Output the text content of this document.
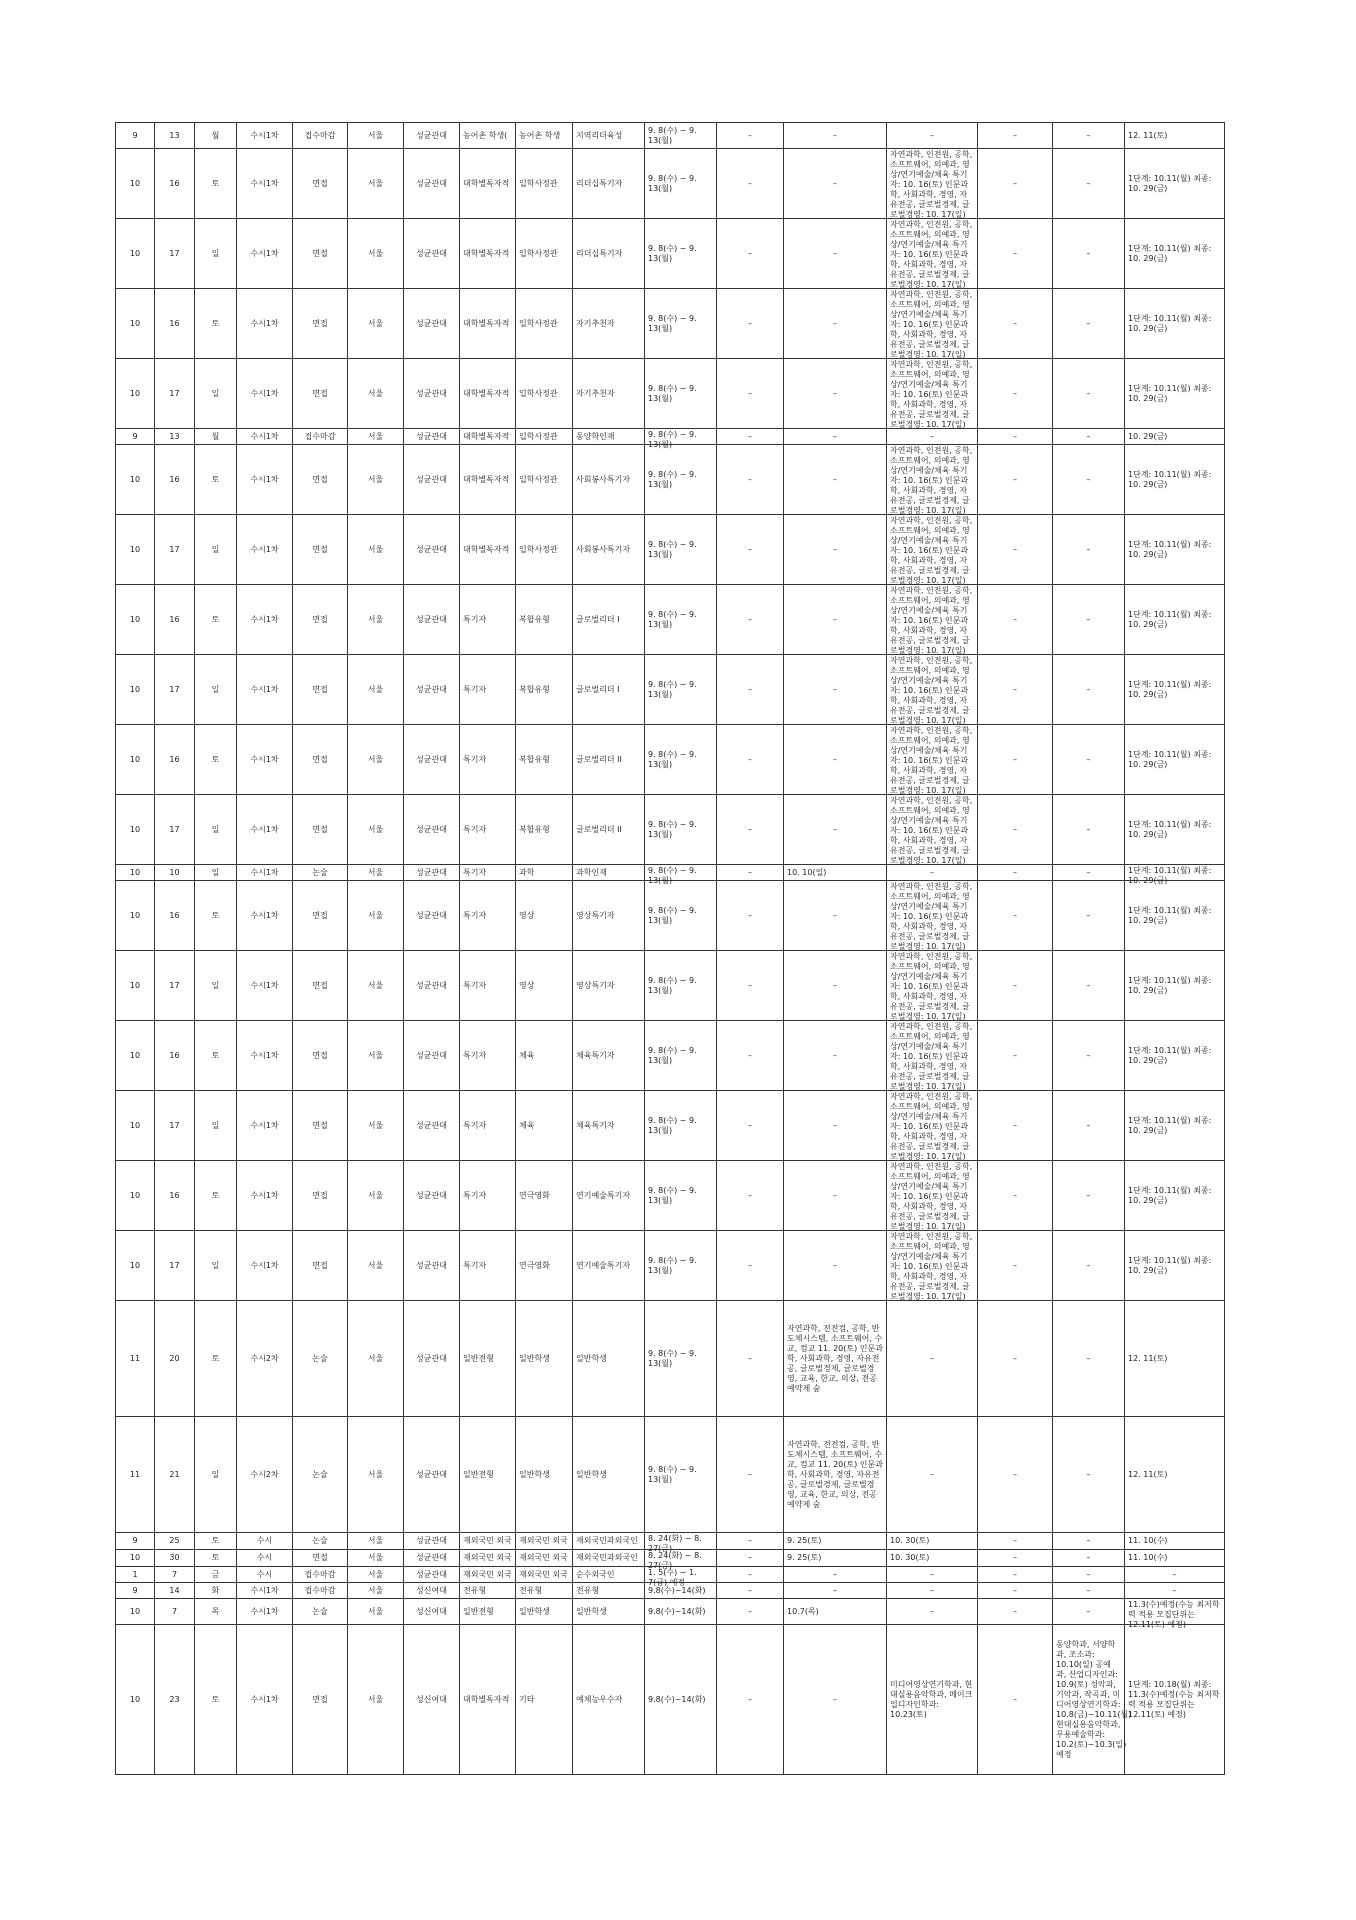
9	13	월	수시1차	접수마감	서울	성균관대	농어촌 학생(	농어촌 학생	지역리더육성	9. 8(수) ~ 9. 13(월)	–	–	–	–	–	12. 11(토)

10	16	토	수시1차	면접	서울	성균관대	대학별독자적	입학사정관	리더십특기자	9. 8(수) ~ 9. 13(월)	–	–	자연과학, 인전원, 공학, 소프트웨어, 의예과, 영상/연기예술/체육 특기자: 10. 16(토) 인문과학, 사회과학, 경영, 자유전공, 글로벌경제, 글로벌경영: 10. 17(일)	–	–	1단계: 10.11(월) 최종: 10. 29(금)

10	17	일	수시1차	면접	서울	성균관대	대학별독자적	입학사정관	리더십특기자	9. 8(수) ~ 9. 13(월)	–	–	자연과학, 인전원, 공학, 소프트웨어, 의예과, 영상/연기예술/체육 특기자: 10. 16(토) 인문과학, 사회과학, 경영, 자유전공, 글로벌경제, 글로벌경영: 10. 17(일)	–	–	1단계: 10.11(월) 최종: 10. 29(금)

10	16	토	수시1차	면접	서울	성균관대	대학별독자적	입학사정관	자기추천자	9. 8(수) ~ 9. 13(월)	–	–	자연과학, 인전원, 공학, 소프트웨어, 의예과, 영상/연기예술/체육 특기자: 10. 16(토) 인문과학, 사회과학, 경영, 자유전공, 글로벌경제, 글로벌경영: 10. 17(일)	–	–	1단계: 10.11(월) 최종: 10. 29(금)

10	17	일	수시1차	면접	서울	성균관대	대학별독자적	입학사정관	자기추천자	9. 8(수) ~ 9. 13(월)	–	–	자연과학, 인전원, 공학, 소프트웨어, 의예과, 영상/연기예술/체육 특기자: 10. 16(토) 인문과학, 사회과학, 경영, 자유전공, 글로벌경제, 글로벌경영: 10. 17(일)	–	–	1단계: 10.11(월) 최종: 10. 29(금)

9	13	월	수시1차	접수마감	서울	성균관대	대학별독자적	입학사정관	동양학인재	9. 8(수) ~ 9. 13(월)	–	–	–	–	–	10. 29(금)

10	16	토	수시1차	면접	서울	성균관대	대학별독자적	입학사정관	사회봉사특기자	9. 8(수) ~ 9. 13(월)	–	–	자연과학, 인전원, 공학, 소프트웨어, 의예과, 영상/연기예술/체육 특기자: 10. 16(토) 인문과학, 사회과학, 경영, 자유전공, 글로벌경제, 글로벌경영: 10. 17(일)	–	–	1단계: 10.11(월) 최종: 10. 29(금)

10	17	일	수시1차	면접	서울	성균관대	대학별독자적	입학사정관	사회봉사특기자	9. 8(수) ~ 9. 13(월)	–	–	자연과학, 인전원, 공학, 소프트웨어, 의예과, 영상/연기예술/체육 특기자: 10. 16(토) 인문과학, 사회과학, 경영, 자유전공, 글로벌경제, 글로벌경영: 10. 17(일)	–	–	1단계: 10.11(월) 최종: 10. 29(금)

10	16	토	수시1차	면접	서울	성균관대	특기자	복합유형	글로벌리더 I	9. 8(수) ~ 9. 13(월)	–	–	자연과학, 인전원, 공학, 소프트웨어, 의예과, 영상/연기예술/체육 특기자: 10. 16(토) 인문과학, 사회과학, 경영, 자유전공, 글로벌경제, 글로벌경영: 10. 17(일)	–	–	1단계: 10.11(월) 최종: 10. 29(금)

10	17	일	수시1차	면접	서울	성균관대	특기자	복합유형	글로벌리더 I	9. 8(수) ~ 9. 13(월)	–	–	자연과학, 인전원, 공학, 소프트웨어, 의예과, 영상/연기예술/체육 특기자: 10. 16(토) 인문과학, 사회과학, 경영, 자유전공, 글로벌경제, 글로벌경영: 10. 17(일)	–	–	1단계: 10.11(월) 최종: 10. 29(금)

10	16	토	수시1차	면접	서울	성균관대	특기자	복합유형	글로벌리더 II	9. 8(수) ~ 9. 13(월)	–	–	자연과학, 인전원, 공학, 소프트웨어, 의예과, 영상/연기예술/체육 특기자: 10. 16(토) 인문과학, 사회과학, 경영, 자유전공, 글로벌경제, 글로벌경영: 10. 17(일)	–	–	1단계: 10.11(월) 최종: 10. 29(금)

10	17	일	수시1차	면접	서울	성균관대	특기자	복합유형	글로벌리더 II	9. 8(수) ~ 9. 13(월)	–	–	자연과학, 인전원, 공학, 소프트웨어, 의예과, 영상/연기예술/체육 특기자: 10. 16(토) 인문과학, 사회과학, 경영, 자유전공, 글로벌경제, 글로벌경영: 10. 17(일)	–	–	1단계: 10.11(월) 최종: 10. 29(금)

10	10	일	수시1차	논술	서울	성균관대	특기자	과학	과학인재	9. 8(수) ~ 9. 13(월)	–	10. 10(일)	–	–	–	1단계: 10.11(월) 최종: 10. 29(금)

10	16	토	수시1차	면접	서울	성균관대	특기자	영상	영상특기자	9. 8(수) ~ 9. 13(월)	–	–	자연과학, 인전원, 공학, 소프트웨어, 의예과, 영상/연기예술/체육 특기자: 10. 16(토) 인문과학, 사회과학, 경영, 자유전공, 글로벌경제, 글로벌경영: 10. 17(일)	–	–	1단계: 10.11(월) 최종: 10. 29(금)

10	17	일	수시1차	면접	서울	성균관대	특기자	영상	영상특기자	9. 8(수) ~ 9. 13(월)	–	–	자연과학, 인전원, 공학, 소프트웨어, 의예과, 영상/연기예술/체육 특기자: 10. 16(토) 인문과학, 사회과학, 경영, 자유전공, 글로벌경제, 글로벌경영: 10. 17(일)	–	–	1단계: 10.11(월) 최종: 10. 29(금)

10	16	토	수시1차	면접	서울	성균관대	특기자	체육	체육특기자	9. 8(수) ~ 9. 13(월)	–	–	자연과학, 인전원, 공학, 소프트웨어, 의예과, 영상/연기예술/체육 특기자: 10. 16(토) 인문과학, 사회과학, 경영, 자유전공, 글로벌경제, 글로벌경영: 10. 17(일)	–	–	1단계: 10.11(월) 최종: 10. 29(금)

10	17	일	수시1차	면접	서울	성균관대	특기자	체육	체육특기자	9. 8(수) ~ 9. 13(월)	–	–	자연과학, 인전원, 공학, 소프트웨어, 의예과, 영상/연기예술/체육 특기자: 10. 16(토) 인문과학, 사회과학, 경영, 자유전공, 글로벌경제, 글로벌경영: 10. 17(일)	–	–	1단계: 10.11(월) 최종: 10. 29(금)

10	16	토	수시1차	면접	서울	성균관대	특기자	연극영화	연기예술특기자	9. 8(수) ~ 9. 13(월)	–	–	자연과학, 인전원, 공학, 소프트웨어, 의예과, 영상/연기예술/체육 특기자: 10. 16(토) 인문과학, 사회과학, 경영, 자유전공, 글로벌경제, 글로벌경영: 10. 17(일)	–	–	1단계: 10.11(월) 최종: 10. 29(금)

10	17	일	수시1차	면접	서울	성균관대	특기자	연극영화	연기예술특기자	9. 8(수) ~ 9. 13(월)	–	–	자연과학, 인전원, 공학, 소프트웨어, 의예과, 영상/연기예술/체육 특기자: 10. 16(토) 인문과학, 사회과학, 경영, 자유전공, 글로벌경제, 글로벌경영: 10. 17(일)	–	–	1단계: 10.11(월) 최종: 10. 29(금)

11	20	토	수시2차	논술	서울	성균관대	일반전형	일반학생	일반학생	9. 8(수) ~ 9. 13(월)	–	자연과학, 전전컴, 공학, 반도체시스템, 소프트웨어, 수교, 컴교 11. 20(토) 인문과학, 사회과학, 경영, 자유전공, 글로벌경제, 글로벌경영, 교육, 한교, 의상, 전공예약제 숲	–	–	–	12. 11(토)

11	21	일	수시2차	논술	서울	성균관대	일반전형	일반학생	일반학생	9. 8(수) ~ 9. 13(월)	–	자연과학, 전전컴, 공학, 반도체시스템, 소프트웨어, 수교, 컴교 11. 20(토) 인문과학, 사회과학, 경영, 자유전공, 글로벌경제, 글로벌경영, 교육, 한교, 의상, 전공예약제 숲	–	–	–	12. 11(토)

9	25	토	수시	논술	서울	성균관대	재외국민 외국	재외국민 외국	재외국민과외국인	8. 24(화) ~ 8. 27(금)	–	9. 25(토)	10. 30(토)	–	–	11. 10(수)

10	30	토	수시	면접	서울	성균관대	재외국민 외국	재외국민 외국	재외국민과외국인	8. 24(화) ~ 8. 27(금)	–	9. 25(토)	10. 30(토)	–	–	11. 10(수)

1	7	금	수시	접수마감	서울	성균관대	재외국민 외국	재외국민 외국	순수외국인	1. 5(수) ~ 1. 7(금) 예정	–	–	–	–	–	–

9	14	화	수시1차	접수마감	서울	성신여대	전유형	전유형	전유형	9.8(수)~14(화)	–	–	–	–	–	–

10	7	목	수시1차	논술	서울	성신여대	일반전형	일반학생	일반학생	9.8(수)~14(화)	–	10.7(목)	–	–	–	11.3(수)예정(수능 최저학력 적용 모집단위는 12.11(토) 예정)

10	23	토	수시1차	면접	서울	성신여대	대학별독자적	기타	예체능우수자	9.8(수)~14(화)	–	–	미디어영상연기학과, 현대실용음악학과, 메이크업디자인학과: 10.23(토)	–	동양학과, 서양학과, 조소과: 10.10(일) 공예과, 산업디자인과: 10.9(토) 성악과, 기악과, 작곡과, 미디어영상연기학과: 10.8(금)~10.11(월) 현대실용음악학과, 무용예술학과: 10.2(토)~10.3(일) 예정	1단계: 10.18(월) 최종: 11.3(수)예정(수능 최저학력 적용 모집단위는 12.11(토) 예정)
